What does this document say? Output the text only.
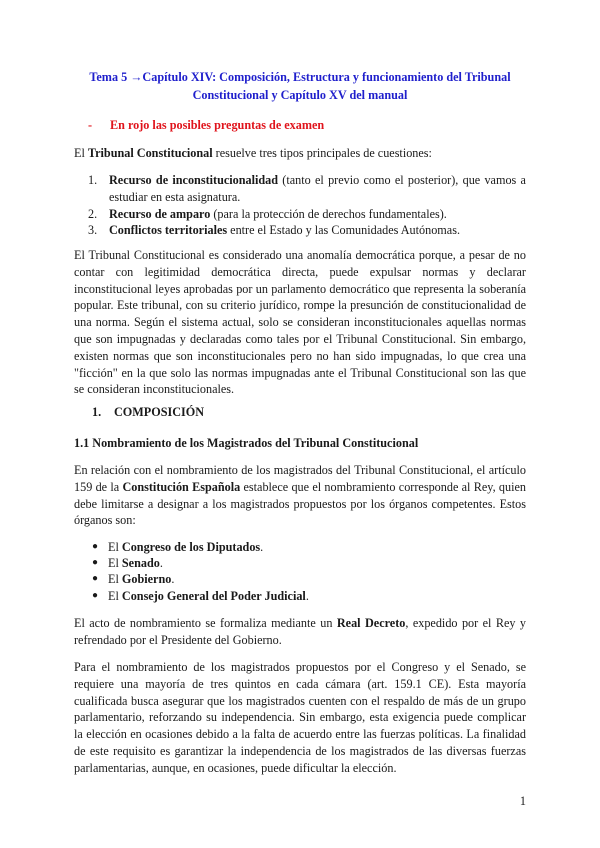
Tema 5 →Capítulo XIV: Composición, Estructura y funcionamiento del Tribunal
Constitucional y Capítulo XV del manual
- En rojo las posibles preguntas de examen
El Tribunal Constitucional resuelve tres tipos principales de cuestiones:
1. Recurso de inconstitucionalidad (tanto el previo como el posterior), que vamos a estudiar en esta asignatura.
2. Recurso de amparo (para la protección de derechos fundamentales).
3. Conflictos territoriales entre el Estado y las Comunidades Autónomas.
El Tribunal Constitucional es considerado una anomalía democrática porque, a pesar de no contar con legitimidad democrática directa, puede expulsar normas y declarar inconstitucional leyes aprobadas por un parlamento democrático que representa la soberanía popular. Este tribunal, con su criterio jurídico, rompe la presunción de constitucionalidad de una norma. Según el sistema actual, solo se consideran inconstitucionales aquellas normas que son impugnadas y declaradas como tales por el Tribunal Constitucional. Sin embargo, existen normas que son inconstitucionales pero no han sido impugnadas, lo que crea una "ficción" en la que solo las normas impugnadas ante el Tribunal Constitucional son las que se consideran inconstitucionales.
1. COMPOSICIÓN
1.1 Nombramiento de los Magistrados del Tribunal Constitucional
En relación con el nombramiento de los magistrados del Tribunal Constitucional, el artículo 159 de la Constitución Española establece que el nombramiento corresponde al Rey, quien debe limitarse a designar a los magistrados propuestos por los órganos competentes. Estos órganos son:
● El Congreso de los Diputados.
● El Senado.
● El Gobierno.
● El Consejo General del Poder Judicial.
El acto de nombramiento se formaliza mediante un Real Decreto, expedido por el Rey y refrendado por el Presidente del Gobierno.
Para el nombramiento de los magistrados propuestos por el Congreso y el Senado, se requiere una mayoría de tres quintos en cada cámara (art. 159.1 CE). Esta mayoría cualificada busca asegurar que los magistrados cuenten con el respaldo de más de un grupo parlamentario, reforzando su independencia. Sin embargo, esta exigencia puede complicar la elección en ocasiones debido a la falta de acuerdo entre las fuerzas políticas. La finalidad de este requisito es garantizar la independencia de los magistrados de las diversas fuerzas parlamentarias, aunque, en ocasiones, puede dificultar la elección.
1
